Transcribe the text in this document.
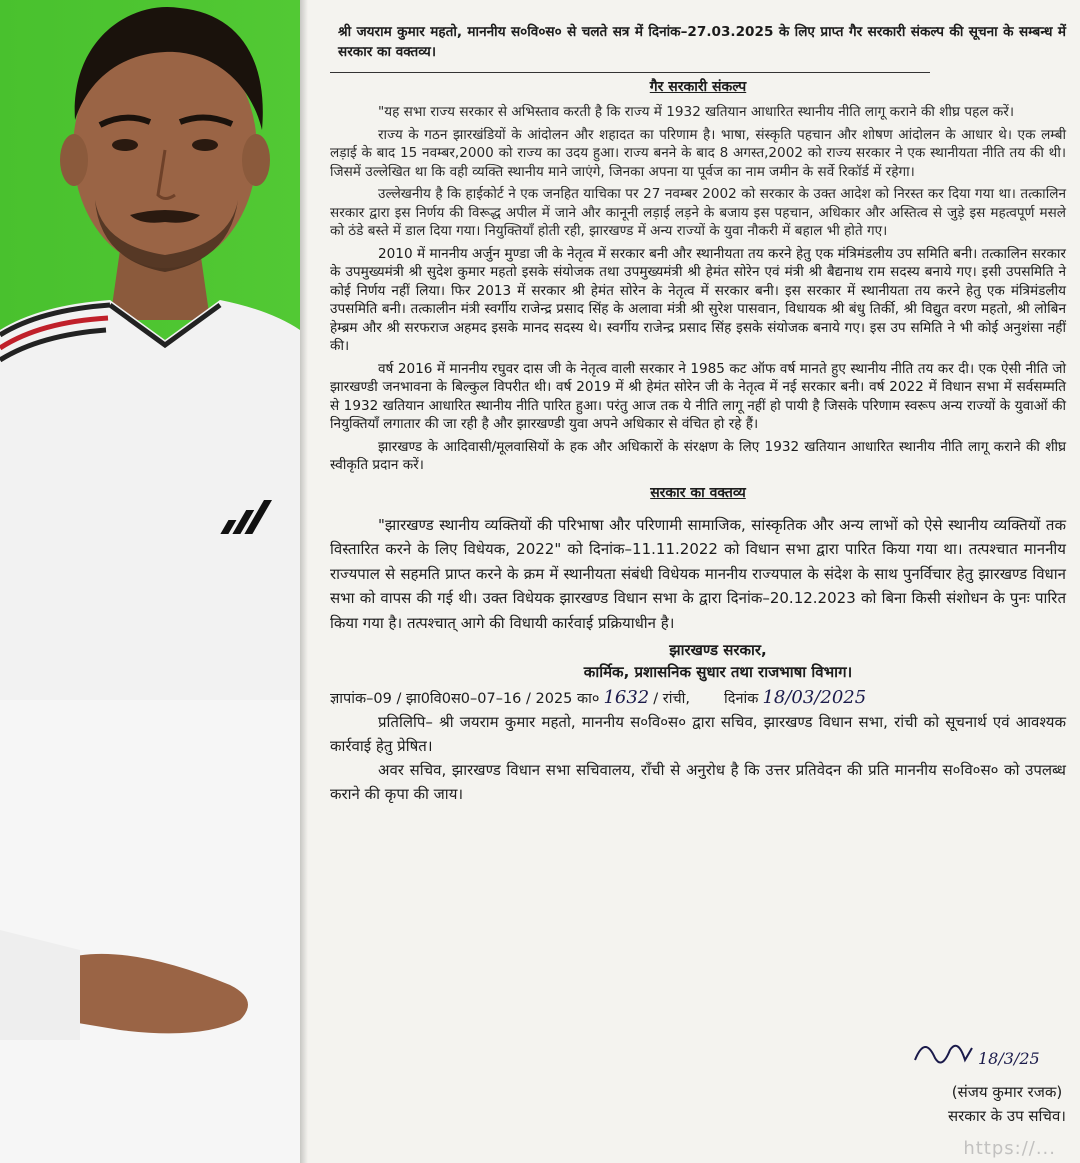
श्री जयराम कुमार महतो, माननीय स०वि०स० से चलते सत्र में दिनांक–27.03.2025 के लिए प्राप्त गैर सरकारी संकल्प की सूचना के सम्बन्ध में सरकार का वक्तव्य।
गैर सरकारी संकल्प
"यह सभा राज्य सरकार से अभिस्ताव करती है कि राज्य में 1932 खतियान आधारित स्थानीय नीति लागू कराने की शीघ्र पहल करें।
राज्य के गठन झारखंडियों के आंदोलन और शहादत का परिणाम है। भाषा, संस्कृति पहचान और शोषण आंदोलन के आधार थे। एक लम्बी लड़ाई के बाद 15 नवम्बर,2000 को राज्य का उदय हुआ। राज्य बनने के बाद 8 अगस्त,2002 को राज्य सरकार ने एक स्थानीयता नीति तय की थी। जिसमें उल्लेखित था कि वही व्यक्ति स्थानीय माने जाएंगे, जिनका अपना या पूर्वज का नाम जमीन के सर्वे रिकॉर्ड में रहेगा।
उल्लेखनीय है कि हाईकोर्ट ने एक जनहित याचिका पर 27 नवम्बर 2002 को सरकार के उक्त आदेश को निरस्त कर दिया गया था। तत्कालिन सरकार द्वारा इस निर्णय की विरूद्ध अपील में जाने और कानूनी लड़ाई लड़ने के बजाय इस पहचान, अधिकार और अस्तित्व से जुड़े इस महत्वपूर्ण मसले को ठंडे बस्ते में डाल दिया गया। नियुक्तियाँ होती रही, झारखण्ड में अन्य राज्यों के युवा नौकरी में बहाल भी होते गए।
2010 में माननीय अर्जुन मुण्डा जी के नेतृत्व में सरकार बनी और स्थानीयता तय करने हेतु एक मंत्रिमंडलीय उप समिति बनी। तत्कालिन सरकार के उपमुख्यमंत्री श्री सुदेश कुमार महतो इसके संयोजक तथा उपमुख्यमंत्री श्री हेमंत सोरेन एवं मंत्री श्री बैद्यनाथ राम सदस्य बनाये गए। इसी उपसमिति ने कोई निर्णय नहीं लिया। फिर 2013 में सरकार श्री हेमंत सोरेन के नेतृत्व में सरकार बनी। इस सरकार में स्थानीयता तय करने हेतु एक मंत्रिमंडलीय उपसमिति बनी। तत्कालीन मंत्री स्वर्गीय राजेन्द्र प्रसाद सिंह के अलावा मंत्री श्री सुरेश पासवान, विधायक श्री बंधु तिर्की, श्री विद्युत वरण महतो, श्री लोबिन हेम्ब्रम और श्री सरफराज अहमद इसके मानद सदस्य थे। स्वर्गीय राजेन्द्र प्रसाद सिंह इसके संयोजक बनाये गए। इस उप समिति ने भी कोई अनुशंसा नहीं की।
वर्ष 2016 में माननीय रघुवर दास जी के नेतृत्व वाली सरकार ने 1985 कट ऑफ वर्ष मानते हुए स्थानीय नीति तय कर दी। एक ऐसी नीति जो झारखण्डी जनभावना के बिल्कुल विपरीत थी। वर्ष 2019 में श्री हेमंत सोरेन जी के नेतृत्व में नई सरकार बनी। वर्ष 2022 में विधान सभा में सर्वसम्मति से 1932 खतियान आधारित स्थानीय नीति पारित हुआ। परंतु आज तक ये नीति लागू नहीं हो पायी है जिसके परिणाम स्वरूप अन्य राज्यों के युवाओं की नियुक्तियाँ लगातार की जा रही है और झारखण्डी युवा अपने अधिकार से वंचित हो रहे हैं।
झारखण्ड के आदिवासी/मूलवासियों के हक और अधिकारों के संरक्षण के लिए 1932 खतियान आधारित स्थानीय नीति लागू कराने की शीघ्र स्वीकृति प्रदान करें।
सरकार का वक्तव्य
"झारखण्ड स्थानीय व्यक्तियों की परिभाषा और परिणामी सामाजिक, सांस्कृतिक और अन्य लाभों को ऐसे स्थानीय व्यक्तियों तक विस्तारित करने के लिए विधेयक, 2022" को दिनांक–11.11.2022 को विधान सभा द्वारा पारित किया गया था। तत्पश्चात माननीय राज्यपाल से सहमति प्राप्त करने के क्रम में स्थानीयता संबंधी विधेयक माननीय राज्यपाल के संदेश के साथ पुनर्विचार हेतु झारखण्ड विधान सभा को वापस की गई थी। उक्त विधेयक झारखण्ड विधान सभा के द्वारा दिनांक–20.12.2023 को बिना किसी संशोधन के पुनः पारित किया गया है। तत्पश्चात् आगे की विधायी कार्रवाई प्रक्रियाधीन है।
झारखण्ड सरकार,
कार्मिक, प्रशासनिक सुधार तथा राजभाषा विभाग।
ज्ञापांक–09 / झा0वि0स0–07–16 / 2025 का० 1632 / रांची, दिनांक 18/03/2025
प्रतिलिपि– श्री जयराम कुमार महतो, माननीय स०वि०स० द्वारा सचिव, झारखण्ड विधान सभा, रांची को सूचनार्थ एवं आवश्यक कार्रवाई हेतु प्रेषित।
अवर सचिव, झारखण्ड विधान सभा सचिवालय, रॉंची से अनुरोध है कि उत्तर प्रतिवेदन की प्रति माननीय स०वि०स० को उपलब्ध कराने की कृपा की जाय।
18/3/25
(संजय कुमार रजक)
सरकार के उप सचिव।
https://...
